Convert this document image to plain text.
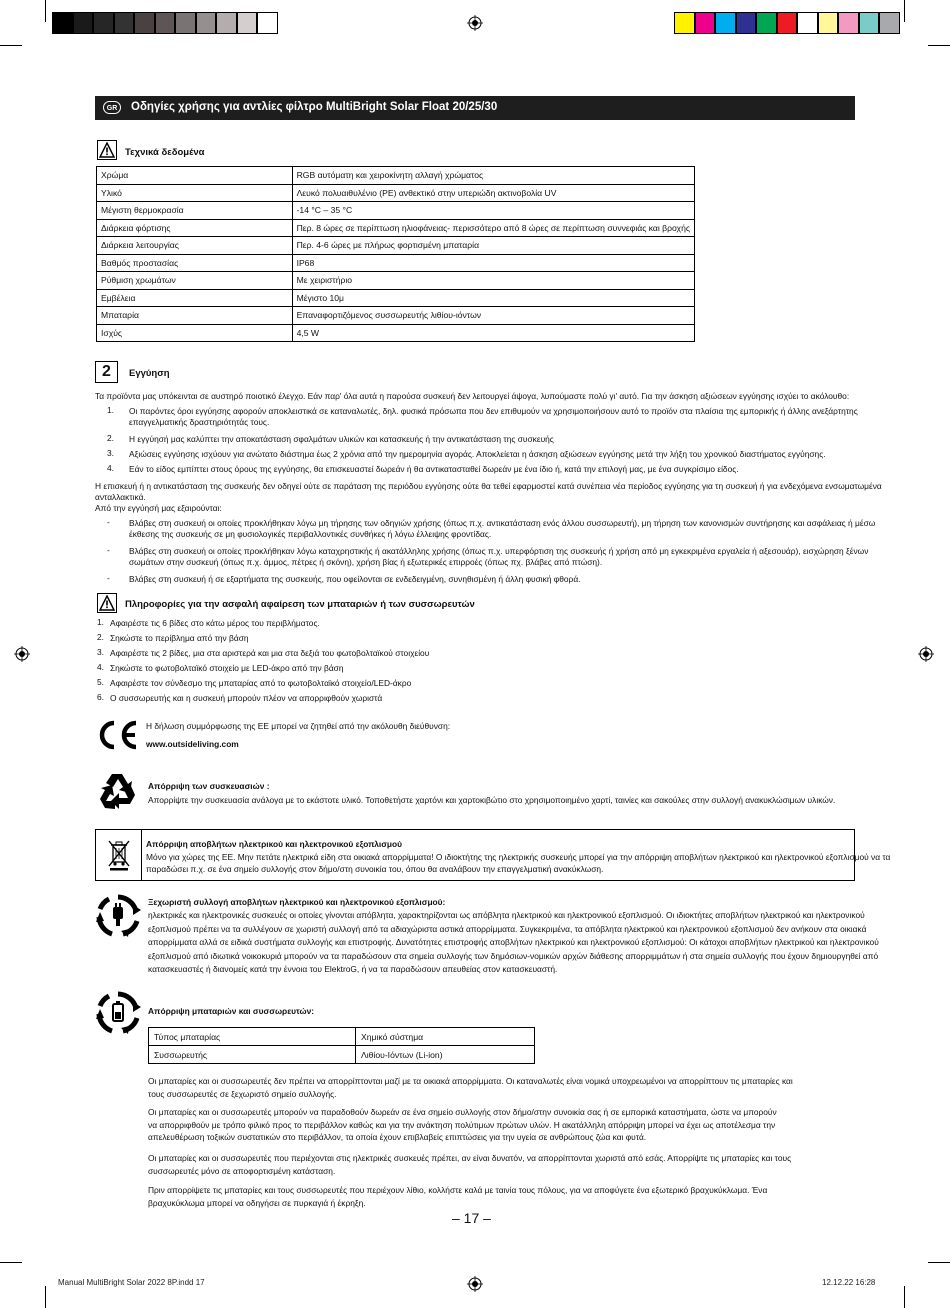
GR	Οδηγίες χρήσης για αντλίες φίλτρο MultiBright Solar Float 20/25/30
Τεχνικά δεδομένα
Χρώμα	RGB αυτόματη και χειροκίνητη αλλαγή χρώματος
Υλικό	Λευκό πολυαιθυλένιο (PE) ανθεκτικό στην υπεριώδη ακτινοβολία UV
Μέγιστη θερμοκρασία	-14 °C – 35 °C
Διάρκεια φόρτισης	Περ. 8 ώρες σε περίπτωση ηλιοφάνειας- περισσότερο από 8 ώρες σε περίπτωση συννεφιάς και βροχής
Διάρκεια λειτουργίας	Περ. 4-6 ώρες με πλήρως φορτισμένη μπαταρία
Βαθμός προστασίας	IP68
Ρύθμιση χρωμάτων	Με χειριστήριο
Εμβέλεια	Μέγιστο 10μ
Μπαταρία	Επαναφορτιζόμενος συσσωρευτής λιθίου-ιόντων
Ισχύς	4,5 W
2	Εγγύηση
Τα προϊόντα μας υπόκεινται σε αυστηρό ποιοτικό έλεγχο. Εάν παρ' όλα αυτά η παρούσα συσκευή δεν λειτουργεί άψογα, λυπούμαστε πολύ γι' αυτό. Για την άσκηση αξιώσεων εγγύησης ισχύει το ακόλουθο:
1. Οι παρόντες όροι εγγύησης αφορούν αποκλειστικά σε καταναλωτές, δηλ. φυσικά πρόσωπα που δεν επιθυμούν να χρησιμοποιήσουν αυτό το προϊόν στα πλαίσια της εμπορικής ή άλλης ανεξάρτητης
επαγγελματικής δραστηριότητάς τους.
2. Η εγγύησή μας καλύπτει την αποκατάσταση σφαλμάτων υλικών και κατασκευής ή την αντικατάσταση της συσκευής
3. Αξιώσεις εγγύησης ισχύουν για ανώτατο διάστημα έως 2 χρόνια από την ημερομηνία αγοράς. Αποκλείεται η άσκηση αξιώσεων εγγύησης μετά την λήξη του χρονικού διαστήματος εγγύησης.
4. Εάν το είδος εμπίπτει στους όρους της εγγύησης, θα επισκευαστεί δωρεάν ή θα αντικατασταθεί δωρεάν με ένα ίδιο ή, κατά την επιλογή μας, με ένα συγκρίσιμο είδος.
Η επισκευή ή η αντικατάσταση της συσκευής δεν οδηγεί ούτε σε παράταση της περιόδου εγγύησης ούτε θα τεθεί εφαρμοστεί κατά συνέπεια νέα περίοδος εγγύησης για τη συσκευή ή για ενδεχόμενα ενσωματωμένα
ανταλλακτικά.
Από την εγγύησή μας εξαιρούνται:
- Βλάβες στη συσκευή οι οποίες προκλήθηκαν λόγω μη τήρησης των οδηγιών χρήσης (όπως π.χ. αντικατάσταση ενός άλλου συσσωρευτή), μη τήρηση των κανονισμών συντήρησης και ασφάλειας ή μέσω
έκθεσης της συσκευής σε μη φυσιολογικές περιβαλλοντικές συνθήκες ή λόγω έλλειψης φροντίδας.
- Βλάβες στη συσκευή οι οποίες προκλήθηκαν λόγω καταχρηστικής ή ακατάλληλης χρήσης (όπως π.χ. υπερφόρτιση της συσκευής ή χρήση από μη εγκεκριμένα εργαλεία ή αξεσουάρ), εισχώρηση ξένων
σωμάτων στην συσκευή (όπως π.χ. άμμος, πέτρες ή σκόνη), χρήση βίας ή εξωτερικές επιρροές (όπως πχ. βλάβες από πτώση).
- Βλάβες στη συσκευή ή σε εξαρτήματα της συσκευής, που οφείλονται σε ενδεδειγμένη, συνηθισμένη ή άλλη φυσική φθορά.
Πληροφορίες για την ασφαλή αφαίρεση των μπαταριών ή των συσσωρευτών
1. Αφαιρέστε τις 6 βίδες στο κάτω μέρος του περιβλήματος.
2. Σηκώστε το περίβλημα από την βάση
3. Αφαιρέστε τις 2 βίδες, μια στα αριστερά και μια στα δεξιά του φωτοβολταϊκού στοιχείου
4. Σηκώστε το φωτοβολταϊκό στοιχείο με LED-άκρο από την βάση
5. Αφαιρέστε τον σύνδεσμο της μπαταρίας από το φωτοβολταϊκό στοιχείο/LED-άκρο
6. Ο συσσωρευτής και η συσκευή μπορούν πλέον να απορριφθούν χωριστά
Η δήλωση συμμόρφωσης της ΕΕ μπορεί να ζητηθεί από την ακόλουθη διεύθυνση:
www.outsideliving.com
Απόρριψη των συσκευασιών :
Απορρίψτε την συσκευασία ανάλογα με το εκάστοτε υλικό. Τοποθετήστε χαρτόνι και χαρτοκιβώτιο στο χρησιμοποιημένο χαρτί, ταινίες και σακούλες στην συλλογή ανακυκλώσιμων υλικών.
Απόρριψη αποβλήτων ηλεκτρικού και ηλεκτρονικού εξοπλισμού
Μόνο για χώρες της ΕΕ. Μην πετάτε ηλεκτρικά είδη στα οικιακά απορρίμματα! Ο ιδιοκτήτης της ηλεκτρικής συσκευής μπορεί για την απόρριψη αποβλήτων ηλεκτρικού και ηλεκτρονικού εξοπλισμού να τα
παραδώσει π.χ. σε ένα σημείο συλλογής στον δήμο/στη συνοικία του, όπου θα αναλάβουν την επαγγελματική ανακύκλωση.
Ξεχωριστή συλλογή αποβλήτων ηλεκτρικού και ηλεκτρονικού εξοπλισμού:
ηλεκτρικές και ηλεκτρονικές συσκευές οι οποίες γίνονται απόβλητα, χαρακτηρίζονται ως απόβλητα ηλεκτρικού και ηλεκτρονικού εξοπλισμού. Οι ιδιοκτήτες αποβλήτων ηλεκτρικού και ηλεκτρονικού
εξοπλισμού πρέπει να τα συλλέγουν σε χωριστή συλλογή από τα αδιαχώριστα αστικά απορρίμματα. Συγκεκριμένα, τα απόβλητα ηλεκτρικού και ηλεκτρονικού εξοπλισμού δεν ανήκουν στα οικιακά
απορρίμματα αλλά σε ειδικά συστήματα συλλογής και επιστροφής. Δυνατότητες επιστροφής αποβλήτων ηλεκτρικού και ηλεκτρονικού εξοπλισμού: Οι κάτοχοι αποβλήτων ηλεκτρικού και ηλεκτρονικού
εξοπλισμού από ιδιωτικά νοικοκυριά μπορούν να τα παραδώσουν στα σημεία συλλογής των δημόσιων-νομικών αρχών διάθεσης απορριμμάτων ή στα σημεία συλλογής που έχουν δημιουργηθεί από
κατασκευαστές ή διανομείς κατά την έννοια του ElektroG, ή να τα παραδώσουν απευθείας στον κατασκευαστή.
Απόρριψη μπαταριών και συσσωρευτών:
Τύπος μπαταρίας	Χημικό σύστημα
Συσσωρευτής	Λιθίου-Ιόντων (Li-ion)
Οι μπαταρίες και οι συσσωρευτές δεν πρέπει να απορρίπτονται μαζί με τα οικιακά απορρίμματα. Οι καταναλωτές είναι νομικά υποχρεωμένοι να απορρίπτουν τις μπαταρίες και
τους συσσωρευτές σε ξεχωριστό σημείο συλλογής.
Οι μπαταρίες και οι συσσωρευτές μπορούν να παραδοθούν δωρεάν σε ένα σημείο συλλογής στον δήμο/στην συνοικία σας ή σε εμπορικά καταστήματα, ώστε να μπορούν
να απορριφθούν με τρόπο φιλικό προς το περιβάλλον καθώς και για την ανάκτηση πολύτιμων πρώτων υλών. Η ακατάλληλη απόρριψη μπορεί να έχει ως αποτέλεσμα την
απελευθέρωση τοξικών συστατικών στο περιβάλλον, τα οποία έχουν επιβλαβείς επιπτώσεις για την υγεία σε ανθρώπους ζώα και φυτά.
Οι μπαταρίες και οι συσσωρευτές που περιέχονται στις ηλεκτρικές συσκευές πρέπει, αν είναι δυνατόν, να απορρίπτονται χωριστά από εσάς. Απορρίψτε τις μπαταρίες και τους
συσσωρευτές μόνο σε αποφορτισμένη κατάσταση.
Πριν απορρίψετε τις μπαταρίες και τους συσσωρευτές που περιέχουν λίθιο, κολλήστε καλά με ταινία τους πόλους, για να αποφύγετε ένα εξωτερικό βραχυκύκλωμα. Ένα
βραχυκύκλωμα μπορεί να οδηγήσει σε πυρκαγιά ή έκρηξη.
– 17 –
Manual MultiBright Solar 2022 8P.indd 17	12.12.22 16:28
